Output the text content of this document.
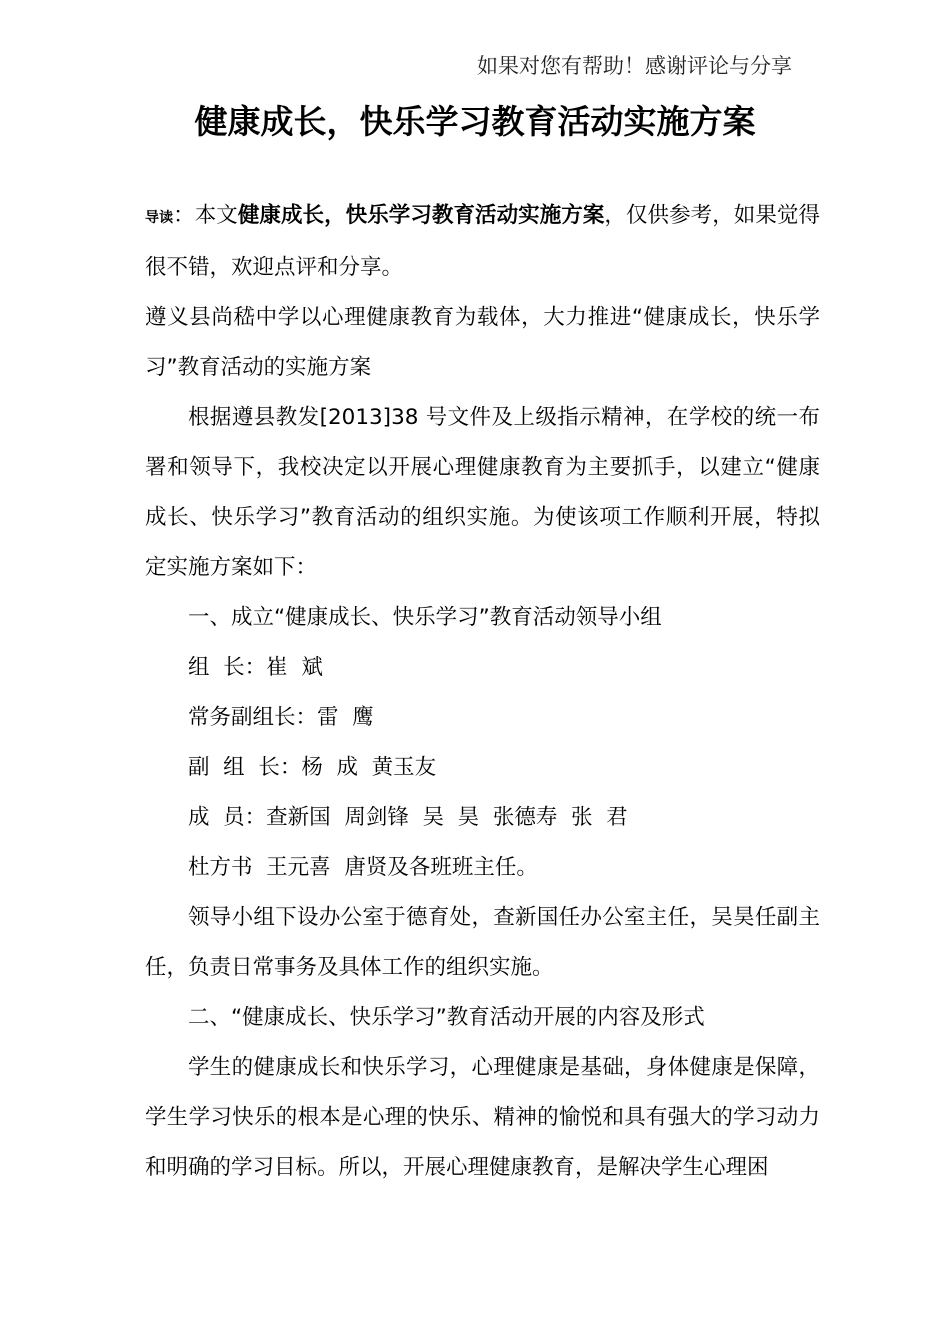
如果对您有帮助！感谢评论与分享
健康成长，快乐学习教育活动实施方案

导读：本文健康成长，快乐学习教育活动实施方案，仅供参考，如果觉得很不错，欢迎点评和分享。

遵义县尚嵇中学以心理健康教育为载体，大力推进“健康成长，快乐学习”教育活动的实施方案

根据遵县教发[2013]38 号文件及上级指示精神，在学校的统一布署和领导下，我校决定以开展心理健康教育为主要抓手，以建立“健康成长、快乐学习”教育活动的组织实施。为使该项工作顺利开展，特拟定实施方案如下：

一、成立“健康成长、快乐学习”教育活动领导小组

组  长：崔  斌

常务副组长：雷  鹰

副  组  长：杨  成  黄玉友

成  员：查新国  周剑锋  吴  昊  张德寿  张  君

杜方书  王元喜  唐贤及各班班主任。

领导小组下设办公室于德育处，查新国任办公室主任，吴昊任副主任，负责日常事务及具体工作的组织实施。

二、“健康成长、快乐学习”教育活动开展的内容及形式

学生的健康成长和快乐学习，心理健康是基础，身体健康是保障，学生学习快乐的根本是心理的快乐、精神的愉悦和具有强大的学习动力和明确的学习目标。所以，开展心理健康教育，是解决学生心理困
